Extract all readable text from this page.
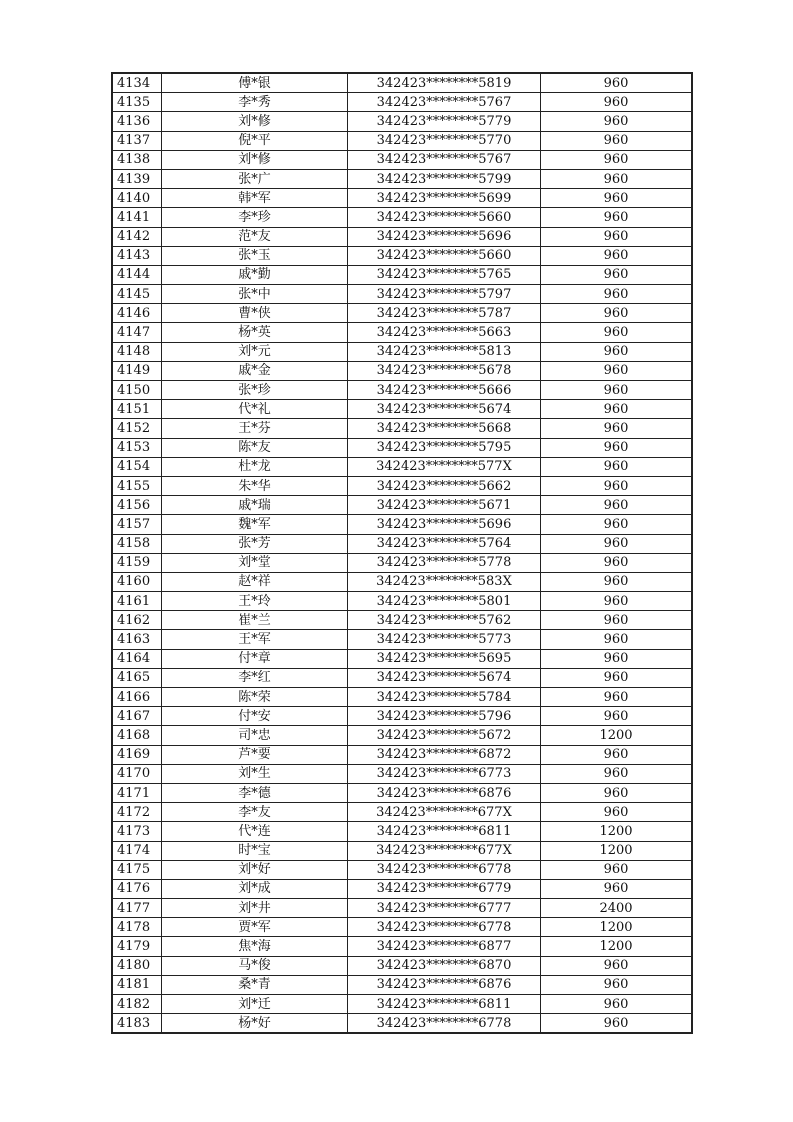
4134	傅*银	342423********5819	960
4135	李*秀	342423********5767	960
4136	刘*修	342423********5779	960
4137	倪*平	342423********5770	960
4138	刘*修	342423********5767	960
4139	张*广	342423********5799	960
4140	韩*军	342423********5699	960
4141	李*珍	342423********5660	960
4142	范*友	342423********5696	960
4143	张*玉	342423********5660	960
4144	戚*勤	342423********5765	960
4145	张*中	342423********5797	960
4146	曹*侠	342423********5787	960
4147	杨*英	342423********5663	960
4148	刘*元	342423********5813	960
4149	戚*金	342423********5678	960
4150	张*珍	342423********5666	960
4151	代*礼	342423********5674	960
4152	王*芬	342423********5668	960
4153	陈*友	342423********5795	960
4154	杜*龙	342423********577X	960
4155	朱*华	342423********5662	960
4156	戚*瑞	342423********5671	960
4157	魏*军	342423********5696	960
4158	张*芳	342423********5764	960
4159	刘*堂	342423********5778	960
4160	赵*祥	342423********583X	960
4161	王*玲	342423********5801	960
4162	崔*兰	342423********5762	960
4163	王*军	342423********5773	960
4164	付*章	342423********5695	960
4165	李*红	342423********5674	960
4166	陈*荣	342423********5784	960
4167	付*安	342423********5796	960
4168	司*忠	342423********5672	1200
4169	芦*要	342423********6872	960
4170	刘*生	342423********6773	960
4171	李*德	342423********6876	960
4172	李*友	342423********677X	960
4173	代*连	342423********6811	1200
4174	时*宝	342423********677X	1200
4175	刘*好	342423********6778	960
4176	刘*成	342423********6779	960
4177	刘*井	342423********6777	2400
4178	贾*军	342423********6778	1200
4179	焦*海	342423********6877	1200
4180	马*俊	342423********6870	960
4181	桑*青	342423********6876	960
4182	刘*迁	342423********6811	960
4183	杨*好	342423********6778	960
